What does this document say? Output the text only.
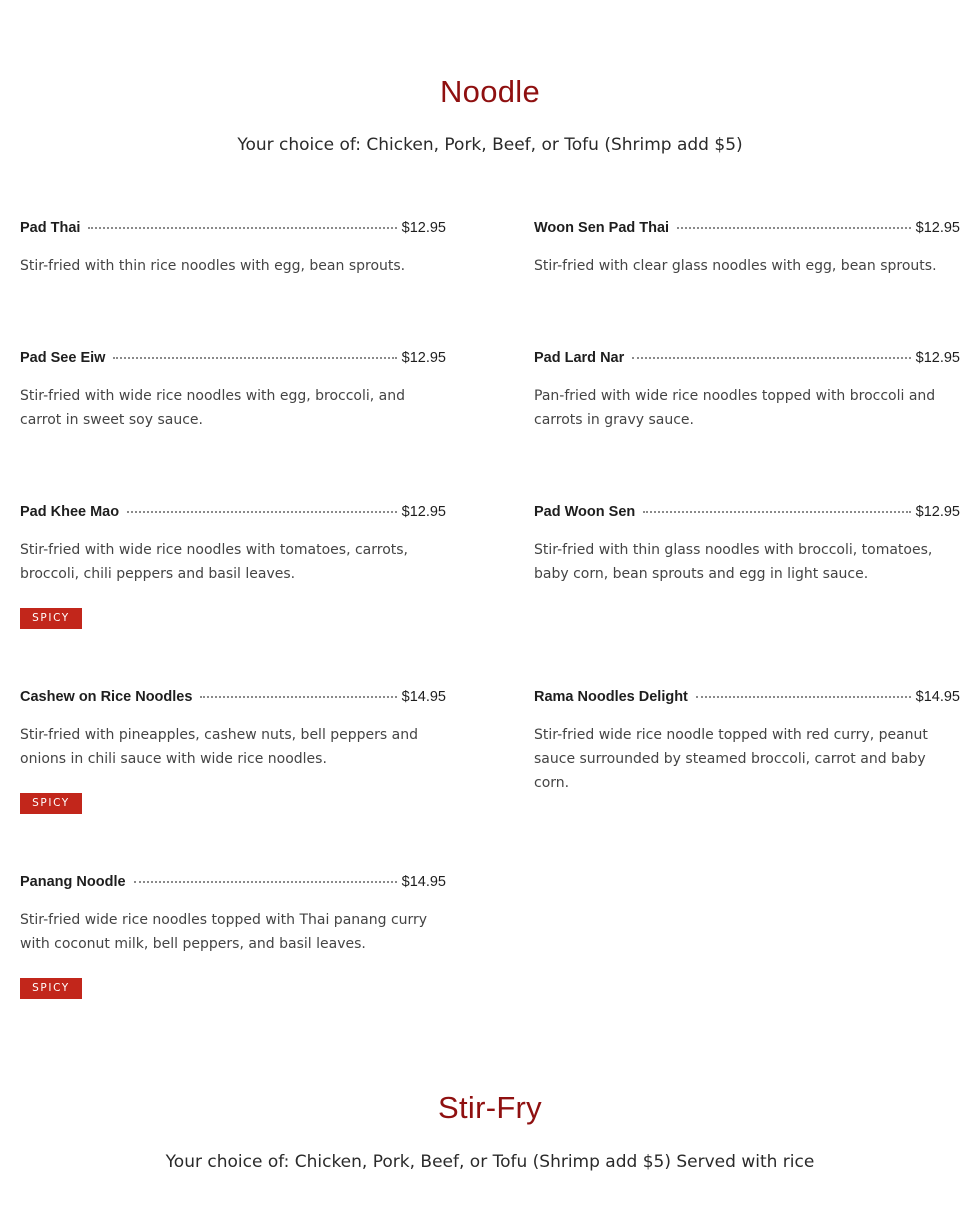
Noodle

Your choice of: Chicken, Pork, Beef, or Tofu (Shrimp add $5)

Pad Thai	$12.95
Stir-fried with thin rice noodles with egg, bean sprouts.
Woon Sen Pad Thai	$12.95
Stir-fried with clear glass noodles with egg, bean sprouts.
Pad See Eiw	$12.95
Stir-fried with wide rice noodles with egg, broccoli, and carrot in sweet soy sauce.
Pad Lard Nar	$12.95
Pan-fried with wide rice noodles topped with broccoli and carrots in gravy sauce.
Pad Khee Mao	$12.95
Stir-fried with wide rice noodles with tomatoes, carrots, broccoli, chili peppers and basil leaves.
SPICY
Pad Woon Sen	$12.95
Stir-fried with thin glass noodles with broccoli, tomatoes, baby corn, bean sprouts and egg in light sauce.
Cashew on Rice Noodles	$14.95
Stir-fried with pineapples, cashew nuts, bell peppers and onions in chili sauce with wide rice noodles.
SPICY
Rama Noodles Delight	$14.95
Stir-fried wide rice noodle topped with red curry, peanut sauce surrounded by steamed broccoli, carrot and baby corn.
Panang Noodle	$14.95
Stir-fried wide rice noodles topped with Thai panang curry with coconut milk, bell peppers, and basil leaves.
SPICY
Stir-Fry

Your choice of: Chicken, Pork, Beef, or Tofu (Shrimp add $5) Served with rice
